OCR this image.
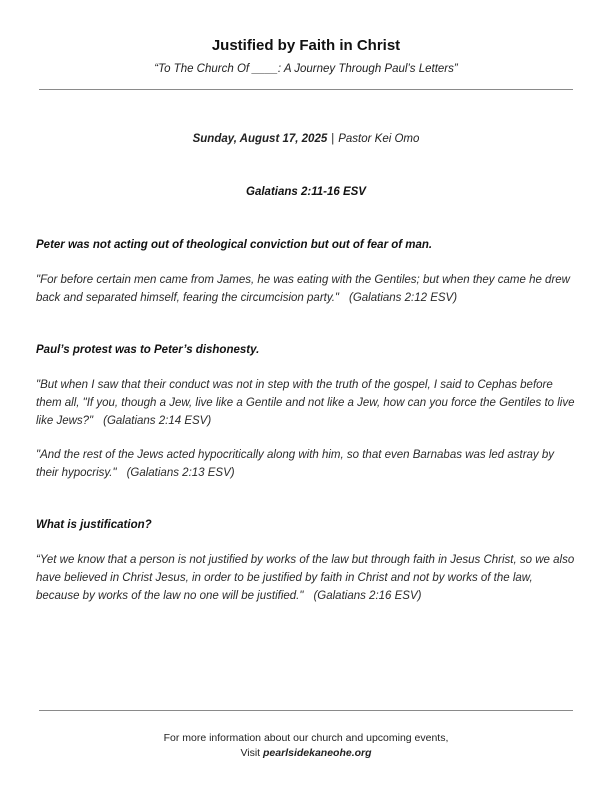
Justified by Faith in Christ
“To The Church Of ____: A Journey Through Paul’s Letters”
Sunday, August 17, 2025 | Pastor Kei Omo
Galatians 2:11-16 ESV
Peter was not acting out of theological conviction but out of fear of man.
"For before certain men came from James, he was eating with the Gentiles; but when they came he drew back and separated himself, fearing the circumcision party." (Galatians 2:12 ESV)
Paul’s protest was to Peter’s dishonesty.
"But when I saw that their conduct was not in step with the truth of the gospel, I said to Cephas before them all, "If you, though a Jew, live like a Gentile and not like a Jew, how can you force the Gentiles to live like Jews?" (Galatians 2:14 ESV)
"And the rest of the Jews acted hypocritically along with him, so that even Barnabas was led astray by their hypocrisy." (Galatians 2:13 ESV)
What is justification?
“Yet we know that a person is not justified by works of the law but through faith in Jesus Christ, so we also have believed in Christ Jesus, in order to be justified by faith in Christ and not by works of the law, because by works of the law no one will be justified." (Galatians 2:16 ESV)
For more information about our church and upcoming events,
Visit pearlsidekaneohe.org
